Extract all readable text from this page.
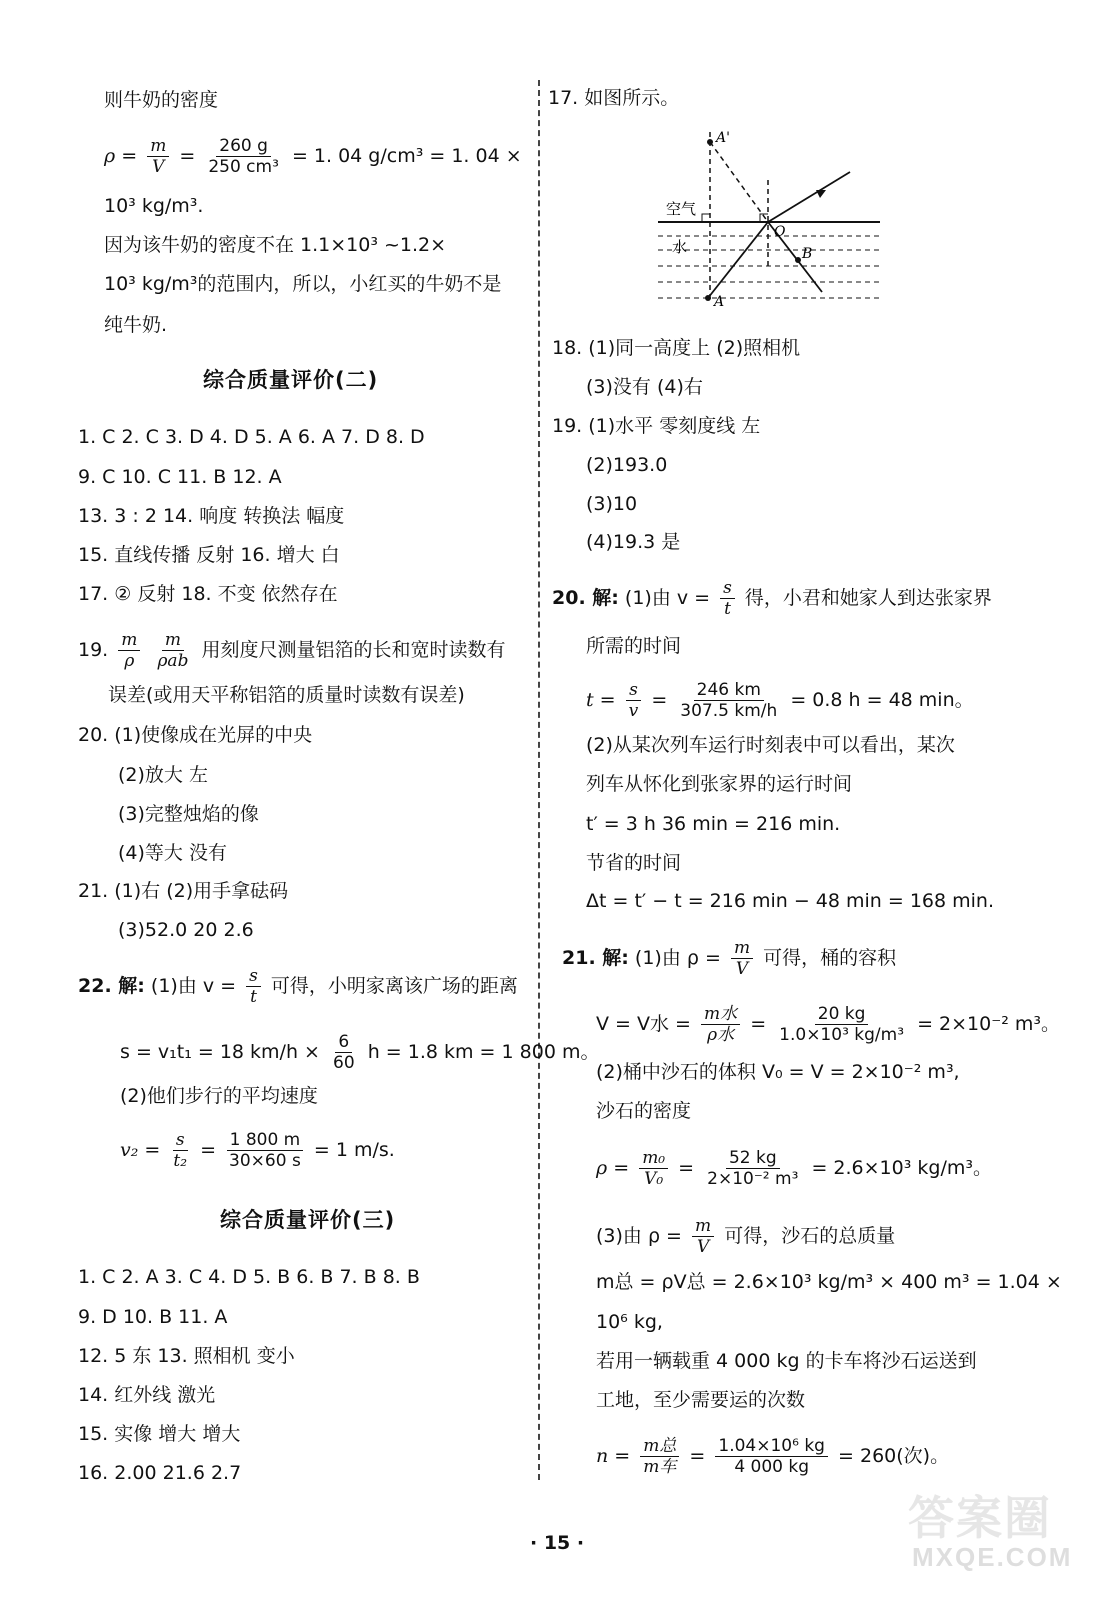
则牛奶的密度
$\rho = \frac{m}{V} = \frac{260 g}{\text{250 cm³}} = 1$. 04 g/cm³ = 1. 04 ×
10³ kg/m³.
因为该牛奶的密度不在 1.1×10³ ~1.2×
10³ kg/m³的范围内，所以，小红买的牛奶不是
纯牛奶.
综合质量评价(二)
1. C 2. C 3. D 4. D 5. A 6. A 7. D 8. D
9. C 10. C 11. B 12. A
13. 3 : 2 14. 响度 转换法 幅度
15. 直线传播 反射 16. 增大 白
17. ② 反射 18. 不变 依然存在
19. $\frac{m}{\rho}$
$\frac{m}{\text{ρab}}$ 用刻度尺测量铝箔的长和宽时读数有
误差(或用天平称铝箔的质量时读数有误差)
20. (1)使像成在光屏的中央
(2)放大 左
(3)完整烛焰的像
(4)等大 没有
21. (1)右 (2)用手拿砝码
(3)52.0 20 2.6
22. 解: (1)由 $v = \frac{s}{t}$ 可得，小明家离该广场的距离
s = v₁t₁ = 18 $km/h \times \frac{6}{60}$ h = 1.8 km = 1 800 m。
(2)他们步行的平均速度
$v_2 = \frac{s}{\text{t₂}} = \frac{1 800 m}{30\times 60 s} = 1$ m/s.
综合质量评价(三)
1. C 2. A 3. C 4. D 5. B 6. B 7. B 8. B
9. D 10. B 11. A
12. 5 东 13. 照相机 变小
14. 红外线 激光
15. 实像 增大 增大
16. 2.00 21.6 2.7
17. 如图所示。
A'
空气
水
O
B
A
18. (1)同一高度上 (2)照相机
(3)没有 (4)右
19. (1)水平 零刻度线 左
(2)193.0
(3)10
(4)19.3 是
20. 解: (1)由 $v = \frac{s}{t}$ 得，小君和她家人到达张家界
所需的时间
$t = \frac{s}{v} = \frac{246 km}{307.5 km/h} = 0.8$ h = 48 min。
(2)从某次列车运行时刻表中可以看出，某次
列车从怀化到张家界的运行时间
t′ = 3 h 36 min = 216 min.
节省的时间
Δt = t′ − t = 216 min − 48 min = 168 min.
21. 解: (1)由 $\rho = \frac{m}{V}$ 可得，桶的容积
V = V水 = $\frac{\text{m水}}{\text{ρ水}} = \frac{20 kg}{\text{1.0×10³ kg/m³}} = 2\times 10^{-2}$ m³。
(2)桶中沙石的体积 V₀ = V = 2×10⁻² m³,
沙石的密度
$\rho = \frac{\text{m₀}}{\text{V₀}} = \frac{52 kg}{\text{2×10⁻² m³}} = 2.6\times 10^3$ kg/m³。
(3)由 $\rho = \frac{m}{V}$ 可得，沙石的总质量
m总 = ρV总 = 2.6×10³ kg/m³ × 400 m³ = 1.04 ×
10⁶ kg,
若用一辆载重 4 000 kg 的卡车将沙石运送到
工地，至少需要运的次数
$n = \frac{\text{m总}}{\text{m车}} = \frac{\text{1.04×10⁶ kg}}{4 000 kg} = 260$(次)。
· 15 ·	答案圈
MXQE.COM
